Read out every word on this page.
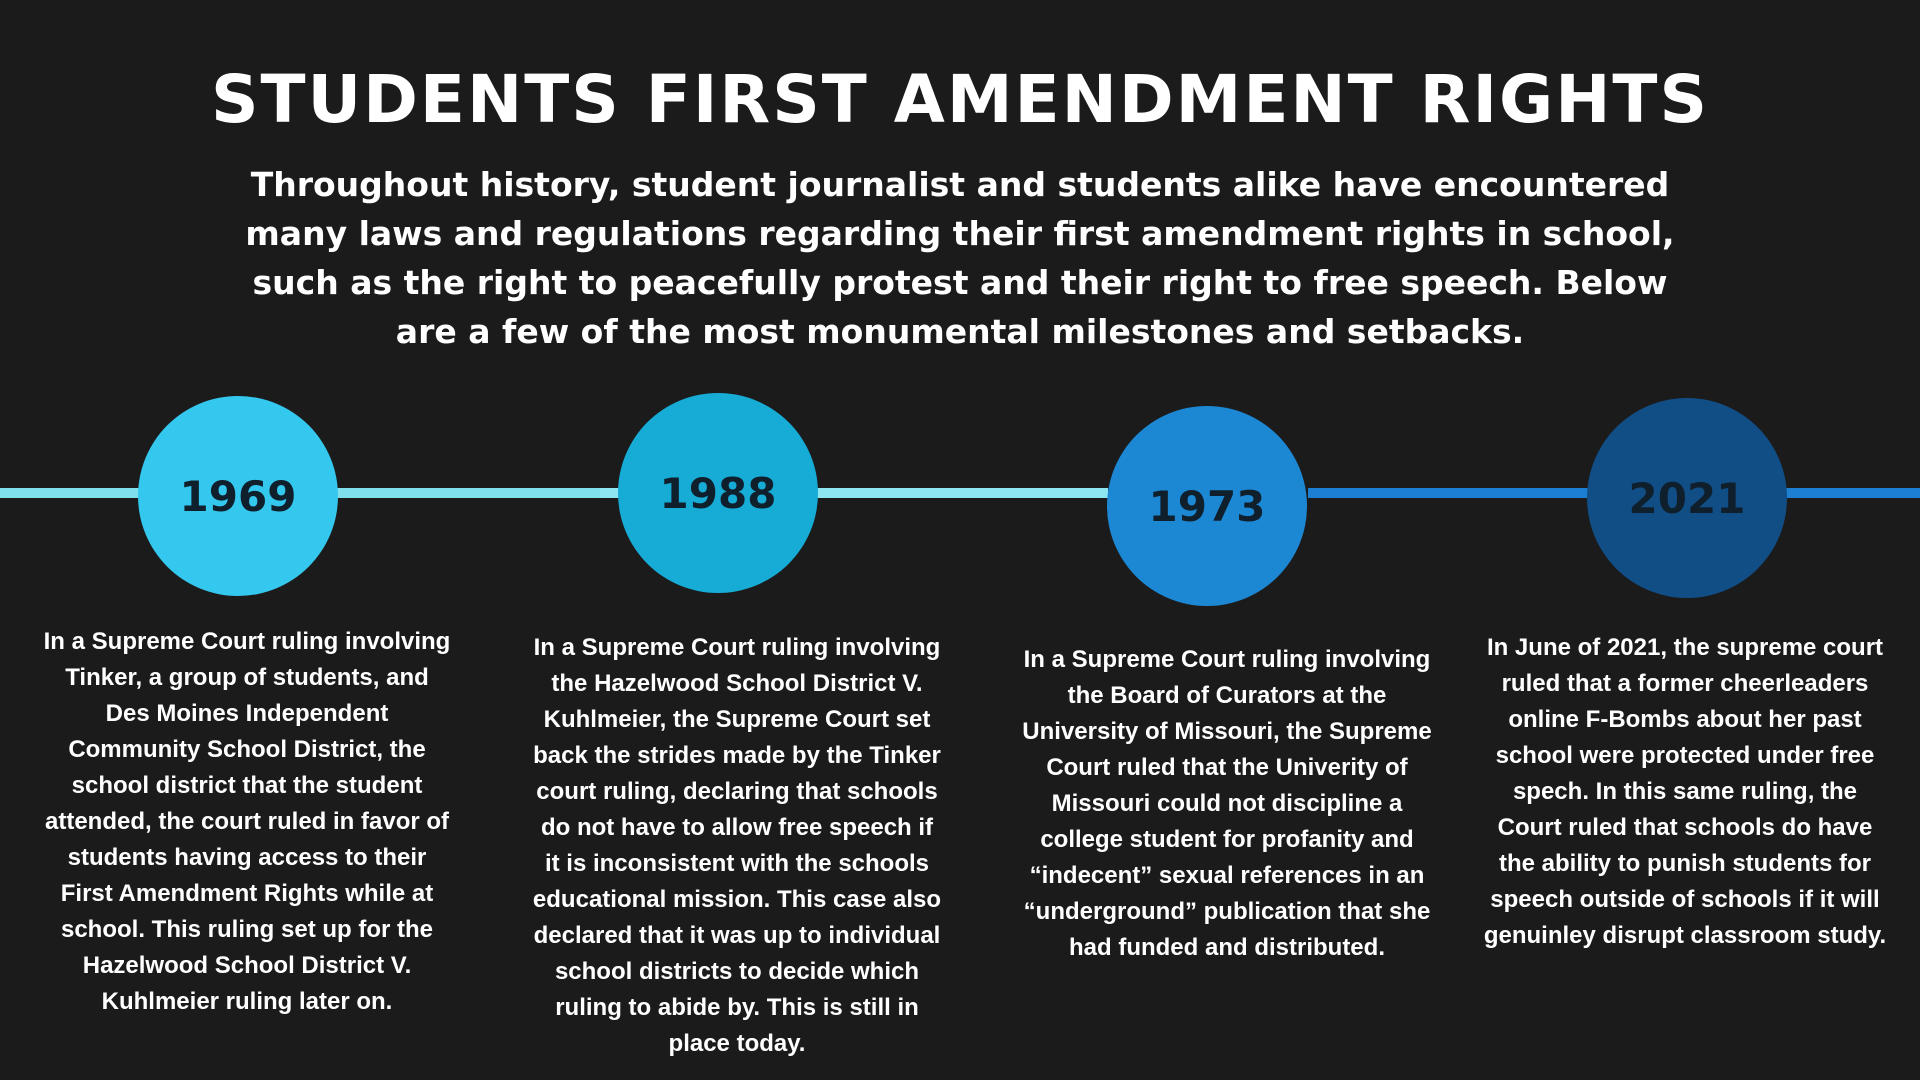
STUDENTS FIRST AMENDMENT RIGHTS

Throughout history, student journalist and students alike have encountered many laws and regulations regarding their first amendment rights in school, such as the right to peacefully protest and their right to free speech. Below are a few of the most monumental milestones and setbacks.

1969	1988	1973	2021

In a Supreme Court ruling involving Tinker, a group of students, and Des Moines Independent Community School District, the school district that the student attended, the court ruled in favor of students having access to their First Amendment Rights while at school. This ruling set up for the Hazelwood School District V. Kuhlmeier ruling later on.

In a Supreme Court ruling involving the Hazelwood School District V. Kuhlmeier, the Supreme Court set back the strides made by the Tinker court ruling, declaring that schools do not have to allow free speech if it is inconsistent with the schools educational mission. This case also declared that it was up to individual school districts to decide which ruling to abide by. This is still in place today.

In a Supreme Court ruling involving the Board of Curators at the University of Missouri, the Supreme Court ruled that the Univerity of Missouri could not discipline a college student for profanity and “indecent” sexual references in an “underground” publication that she had funded and distributed.

In June of 2021, the supreme court ruled that a former cheerleaders online F-Bombs about her past school were protected under free spech. In this same ruling, the Court ruled that schools do have the ability to punish students for speech outside of schools if it will genuinley disrupt classroom study.
